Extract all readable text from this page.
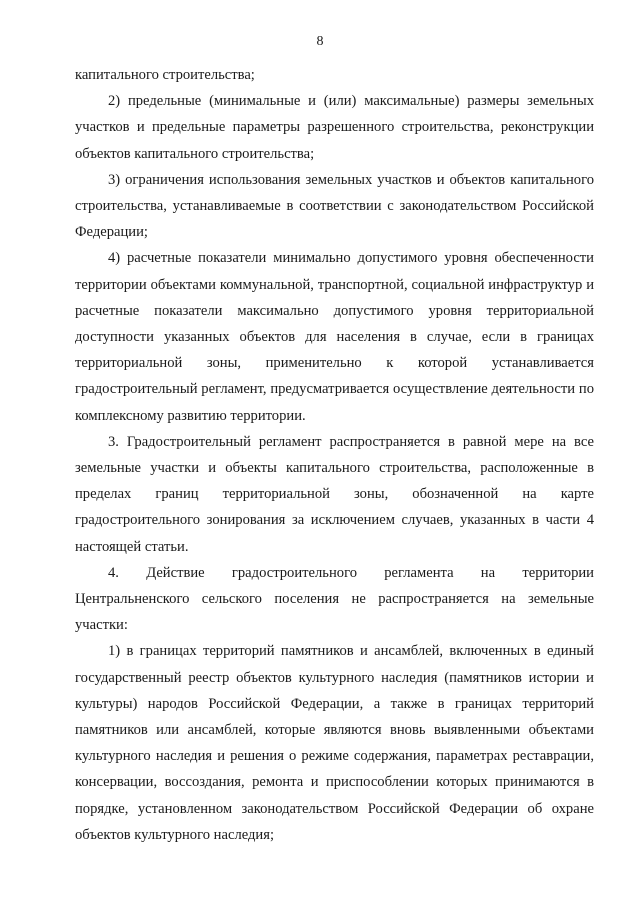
8

капитального строительства;

2) предельные (минимальные и (или) максимальные) размеры земельных участков и предельные параметры разрешенного строительства, реконструкции объектов капитального строительства;

3) ограничения использования земельных участков и объектов капитального строительства, устанавливаемые в соответствии с законодательством Российской Федерации;

4) расчетные показатели минимально допустимого уровня обеспеченности территории объектами коммунальной, транспортной, социальной инфраструктур и расчетные показатели максимально допустимого уровня территориальной доступности указанных объектов для населения в случае, если в границах территориальной зоны, применительно к которой устанавливается градостроительный регламент, предусматривается осуществление деятельности по комплексному развитию территории.

3. Градостроительный регламент распространяется в равной мере на все земельные участки и объекты капитального строительства, расположенные в пределах границ территориальной зоны, обозначенной на карте градостроительного зонирования за исключением случаев, указанных в части 4 настоящей статьи.

4. Действие градостроительного регламента на территории Центральненского сельского поселения не распространяется на земельные участки:

1) в границах территорий памятников и ансамблей, включенных в единый государственный реестр объектов культурного наследия (памятников истории и культуры) народов Российской Федерации, а также в границах территорий памятников или ансамблей, которые являются вновь выявленными объектами культурного наследия и решения о режиме содержания, параметрах реставрации, консервации, воссоздания, ремонта и приспособлении которых принимаются в порядке, установленном законодательством Российской Федерации об охране объектов культурного наследия;
